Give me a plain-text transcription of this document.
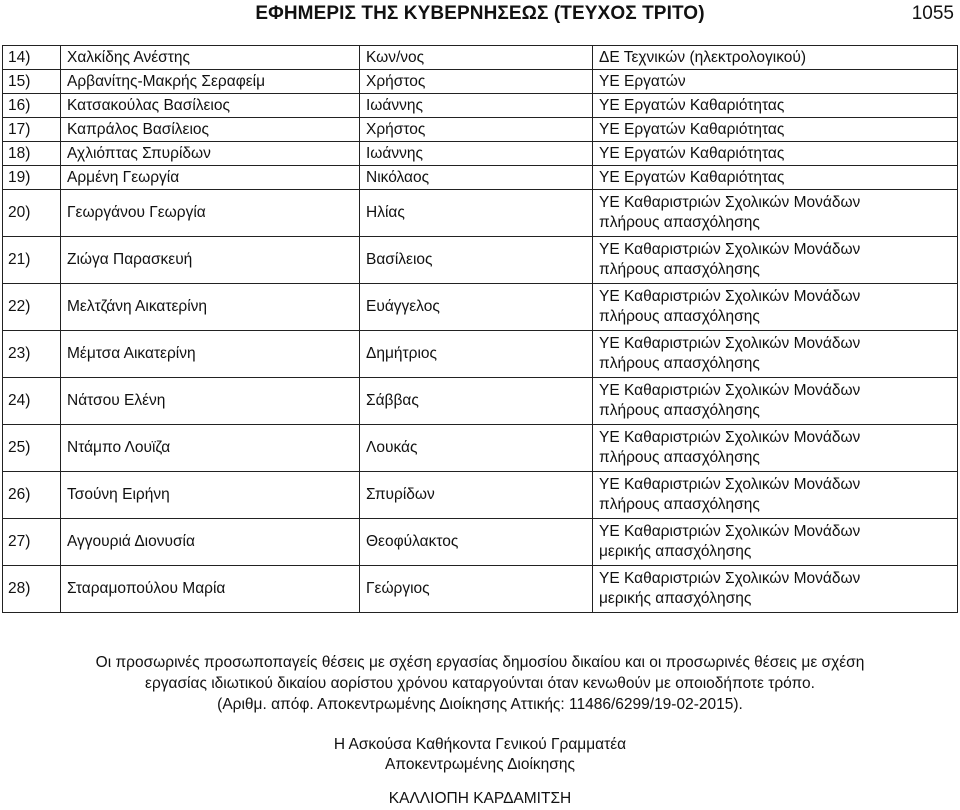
ΕΦΗΜΕΡΙΣ ΤΗΣ ΚΥΒΕΡΝΗΣΕΩΣ (ΤΕΥΧΟΣ ΤΡΙΤΟ)	1055
14)	Χαλκίδης Ανέστης	Κων/νος	ΔΕ Τεχνικών (ηλεκτρολογικού)

15)	Αρβανίτης-Μακρής Σεραφείμ	Χρήστος	ΥΕ Εργατών

16)	Κατσακούλας Βασίλειος	Ιωάννης	ΥΕ Εργατών Καθαριότητας

17)	Καπράλος Βασίλειος	Χρήστος	ΥΕ Εργατών Καθαριότητας

18)	Αχλιόπτας Σπυρίδων	Ιωάννης	ΥΕ Εργατών Καθαριότητας

19)	Αρμένη Γεωργία	Νικόλαος	ΥΕ Εργατών Καθαριότητας

20)	Γεωργάνου Γεωργία	Ηλίας	ΥΕ Καθαριστριών Σχολικών Μονάδων
πλήρους απασχόλησης

21)	Ζιώγα Παρασκευή	Βασίλειος	ΥΕ Καθαριστριών Σχολικών Μονάδων
πλήρους απασχόλησης

22)	Μελτζάνη Αικατερίνη	Ευάγγελος	ΥΕ Καθαριστριών Σχολικών Μονάδων
πλήρους απασχόλησης

23)	Μέμτσα Αικατερίνη	Δημήτριος	ΥΕ Καθαριστριών Σχολικών Μονάδων
πλήρους απασχόλησης

24)	Νάτσου Ελένη	Σάββας	ΥΕ Καθαριστριών Σχολικών Μονάδων
πλήρους απασχόλησης

25)	Ντάμπο Λουϊζα	Λουκάς	ΥΕ Καθαριστριών Σχολικών Μονάδων
πλήρους απασχόλησης

26)	Τσούνη Ειρήνη	Σπυρίδων	ΥΕ Καθαριστριών Σχολικών Μονάδων
πλήρους απασχόλησης

27)	Αγγουριά Διονυσία	Θεοφύλακτος	ΥΕ Καθαριστριών Σχολικών Μονάδων
μερικής απασχόλησης

28)	Σταραμοπούλου Μαρία	Γεώργιος	ΥΕ Καθαριστριών Σχολικών Μονάδων
μερικής απασχόλησης
Οι προσωρινές προσωποπαγείς θέσεις με σχέση εργασίας δημοσίου δικαίου και οι προσωρινές θέσεις με σχέση
εργασίας ιδιωτικού δικαίου αορίστου χρόνου καταργούνται όταν κενωθούν με οποιοδήποτε τρόπο.
(Αριθμ. απόφ. Αποκεντρωμένης Διοίκησης Αττικής: 11486/6299/19-02-2015).
Η Ασκούσα Καθήκοντα Γενικού Γραμματέα
Αποκεντρωμένης Διοίκησης
ΚΑΛΛΙΟΠΗ ΚΑΡΔΑΜΙΤΣΗ
